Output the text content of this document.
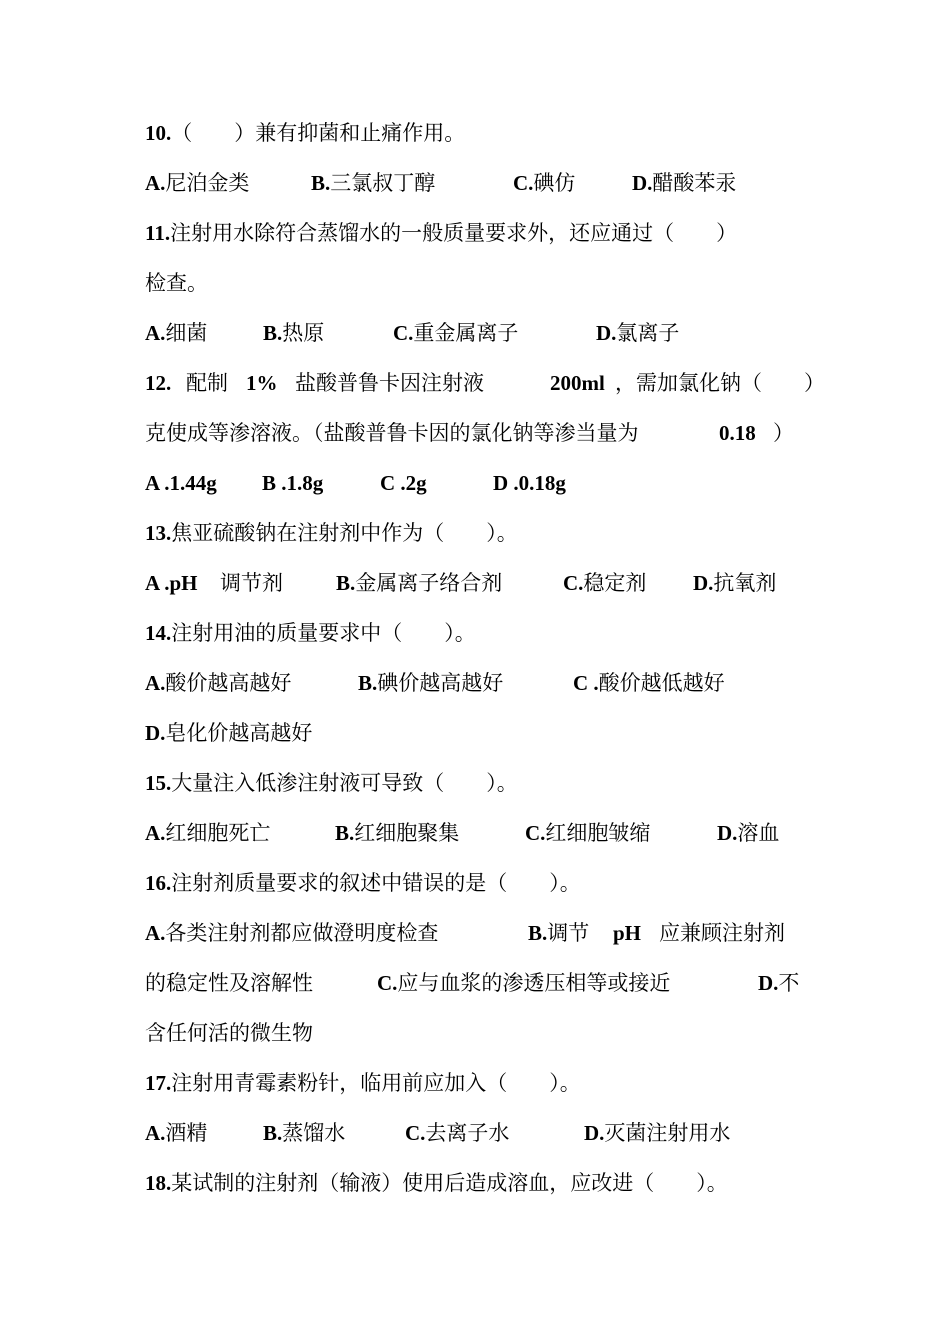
10.（　　）兼有抑菌和止痛作用。
A.尼泊金类	B.三氯叔丁醇	C.碘仿	D.醋酸苯汞
11.注射用水除符合蒸馏水的一般质量要求外，还应通过（　　）
检查。
A.细菌	B.热原	C.重金属离子	D.氯离子
12. 配制 1% 盐酸普鲁卡因注射液	200ml ，需加氯化钠（　　）
克使成等渗溶液。（盐酸普鲁卡因的氯化钠等渗当量为	0.18 ）
A .1.44g B .1.8g	C .2g	D .0.18g
13.焦亚硫酸钠在注射剂中作为（　　）。
A .pH 调节剂	B.金属离子络合剂	C.稳定剂 D.抗氧剂
14.注射用油的质量要求中（　　）。
A.酸价越高越好	B.碘价越高越好	C .酸价越低越好
D.皂化价越高越好
15.大量注入低渗注射液可导致（　　）。
A.红细胞死亡	B.红细胞聚集	C.红细胞皱缩	D.溶血
16.注射剂质量要求的叙述中错误的是（　　）。
A.各类注射剂都应做澄明度检查	B.调节 pH 应兼顾注射剂
的稳定性及溶解性	C.应与血浆的渗透压相等或接近	D.不
含任何活的微生物
17.注射用青霉素粉针，临用前应加入（　　）。
A.酒精	B.蒸馏水	C.去离子水	D.灭菌注射用水
18.某试制的注射剂（输液）使用后造成溶血，应改进（　　）。
